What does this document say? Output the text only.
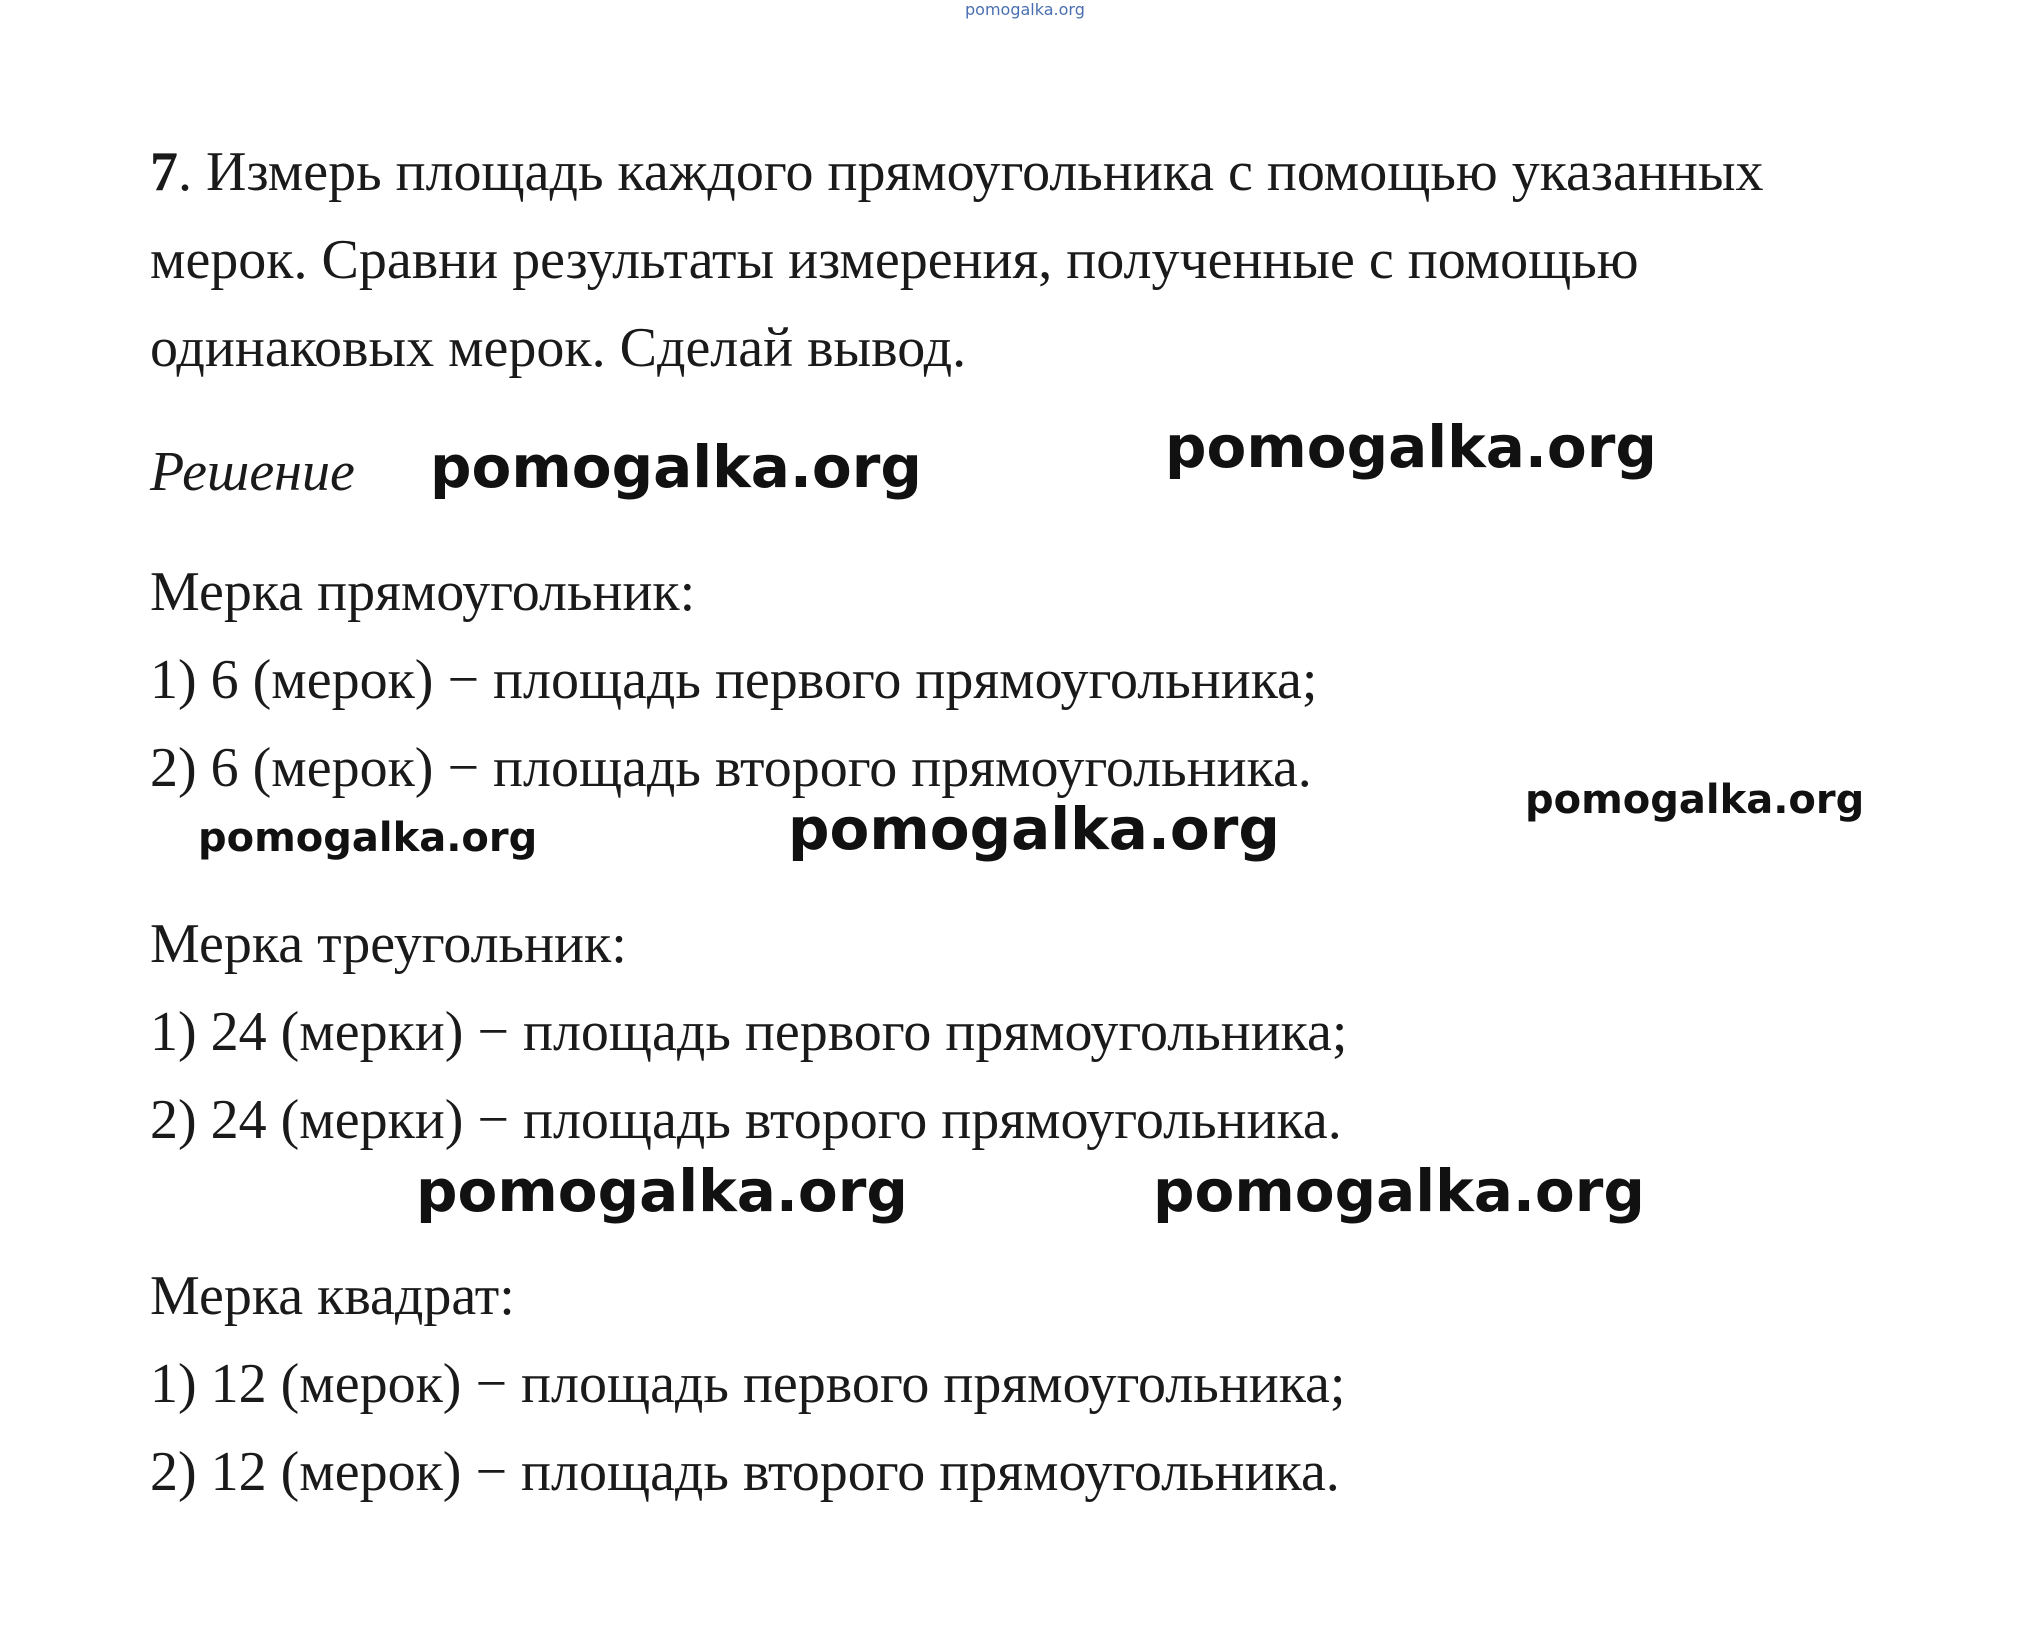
pomogalka.org
7. Измерь площадь каждого прямоугольника с помощью указанных
мерок. Сравни результаты измерения, полученные с помощью
одинаковых мерок. Сделай вывод.
Решение pomogalka.org	pomogalka.org
Мерка прямоугольник:
1) 6 (мерок) − площадь первого прямоугольника;
2) 6 (мерок) − площадь второго прямоугольника.
pomogalka.org
pomogalka.org	pomogalka.org
Мерка треугольник:
1) 24 (мерки) − площадь первого прямоугольника;
2) 24 (мерки) − площадь второго прямоугольника.
pomogalka.org	pomogalka.org
Мерка квадрат:
1) 12 (мерок) − площадь первого прямоугольника;
2) 12 (мерок) − площадь второго прямоугольника.
